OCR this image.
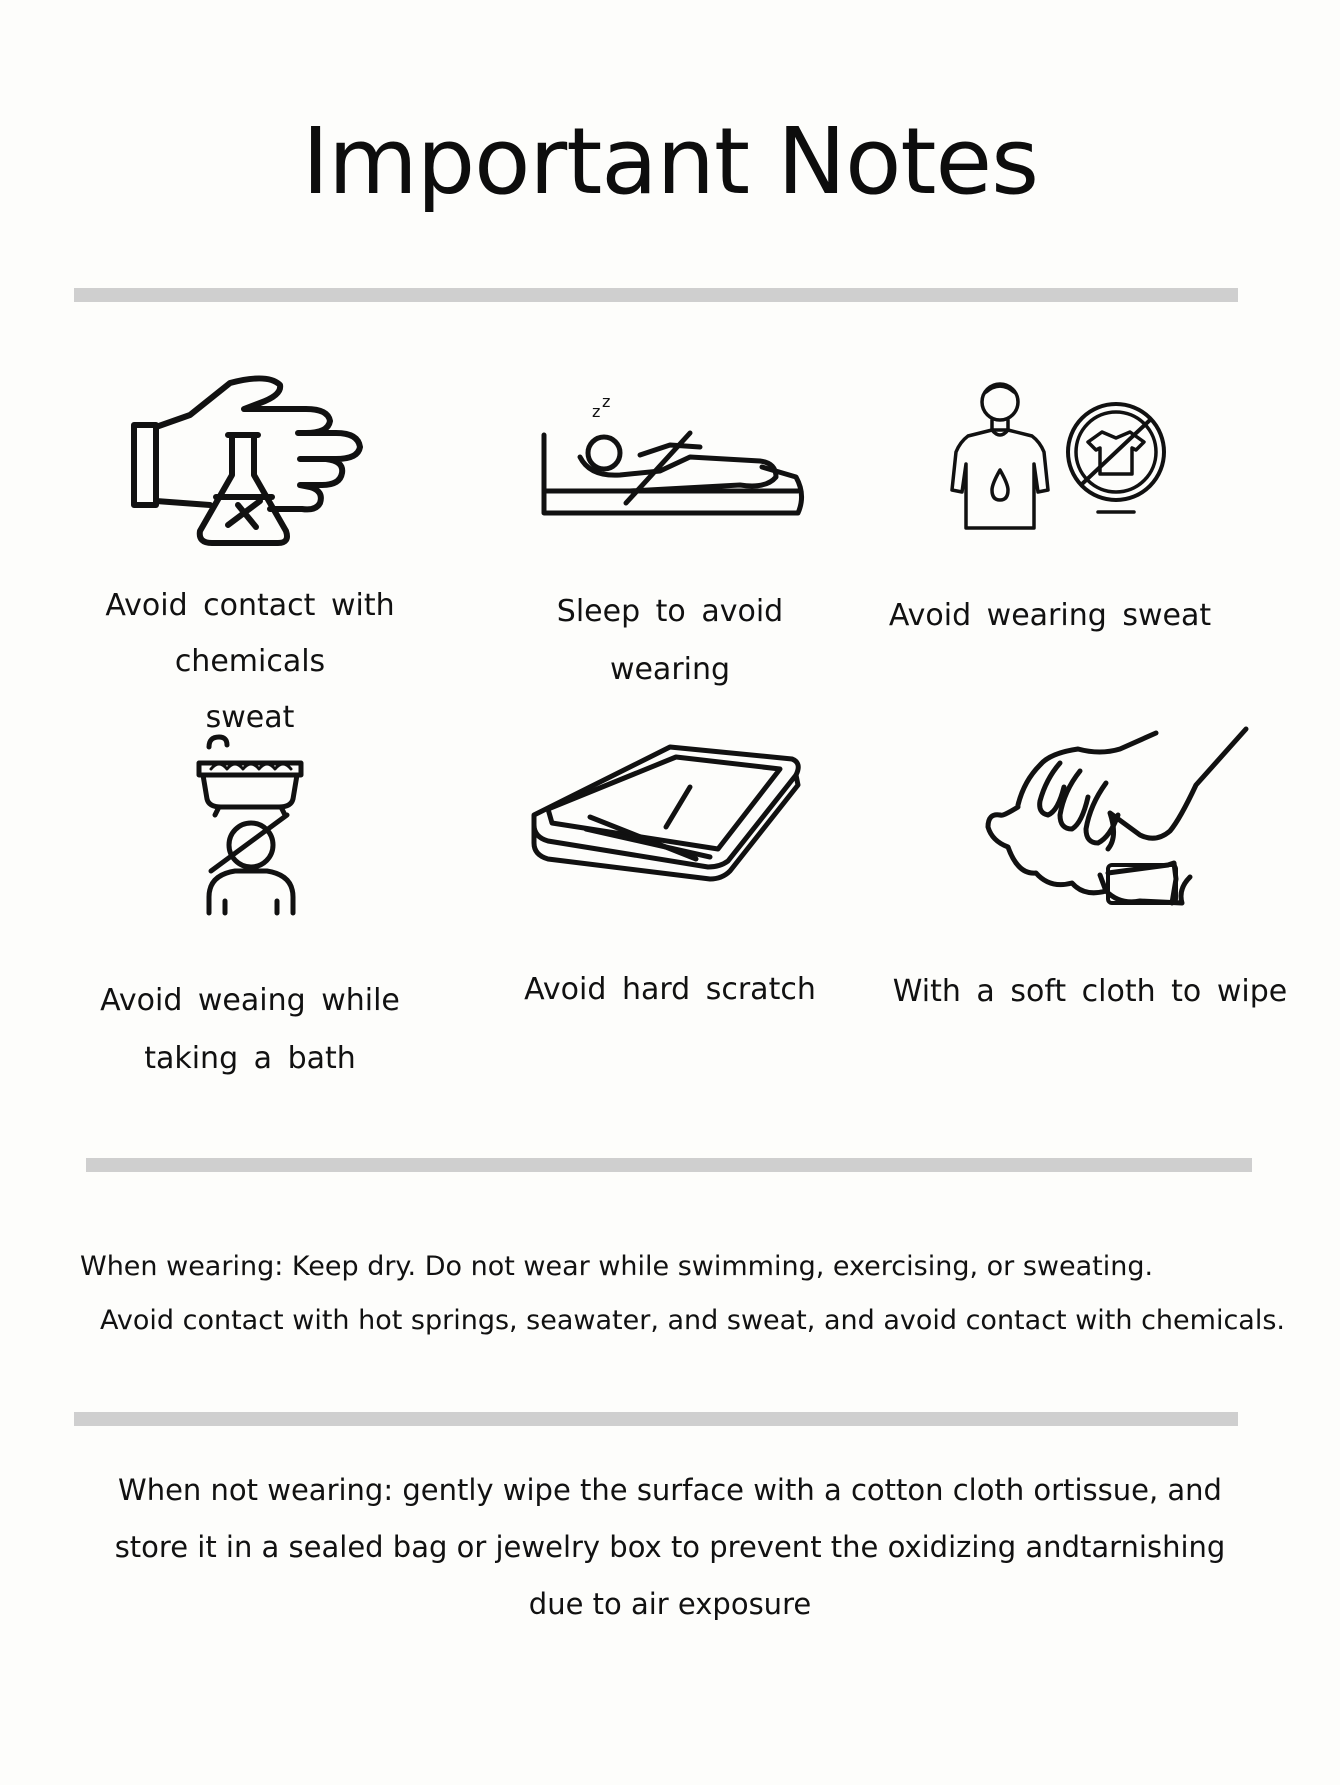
Important Notes
z
z
Avoid contact with chemicals
sweat
Sleep to avoid
wearing
Avoid wearing sweat
Avoid weaing while
taking a bath
Avoid hard scratch	With a soft cloth to wipe

When wearing: Keep dry. Do not wear while swimming, exercising, or sweating.

Avoid contact with hot springs, seawater, and sweat, and avoid contact with chemicals.

When not wearing: gently wipe the surface with a cotton cloth ortissue, and

store it in a sealed bag or jewelry box to prevent the oxidizing andtarnishing

due to air exposure
